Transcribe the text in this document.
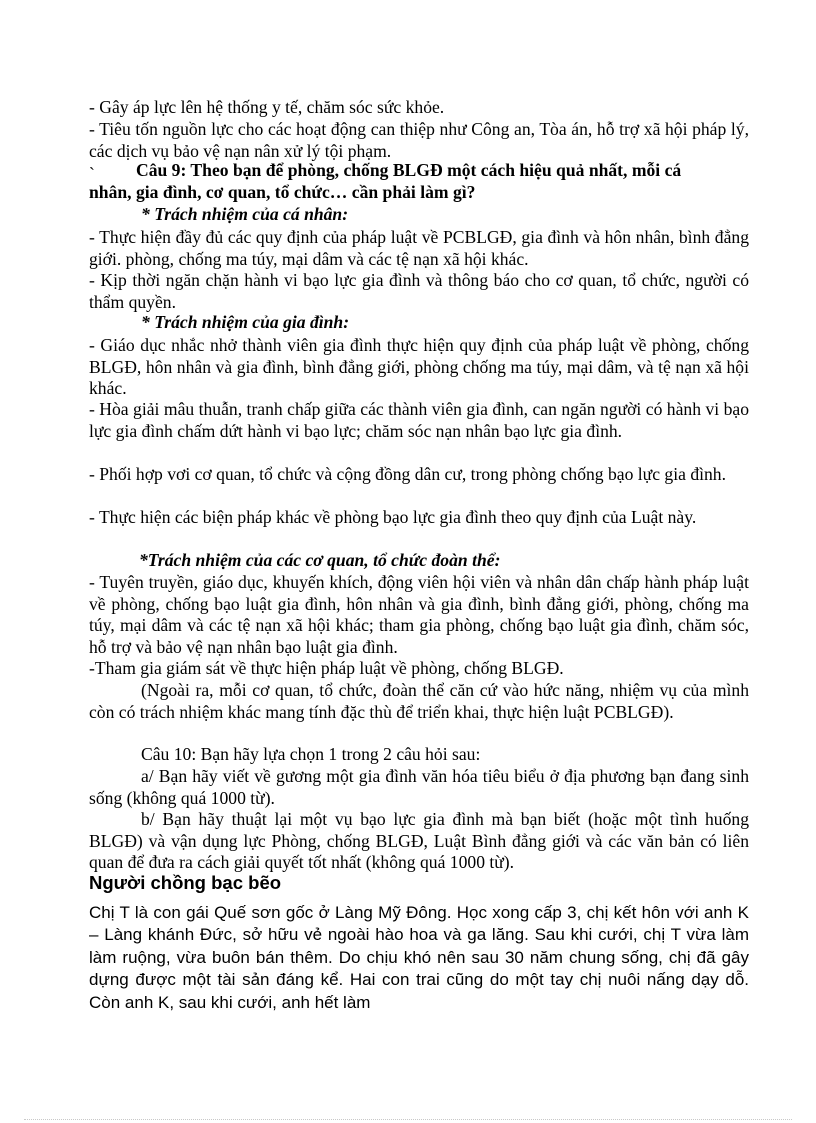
- Gây áp lực lên hệ thống y tế, chăm sóc sức khỏe.

- Tiêu tốn nguồn lực cho các hoạt động can thiệp như Công an, Tòa án, hỗ trợ xã hội pháp lý, các dịch vụ bảo vệ nạn nân xử lý tội phạm.

` Câu 9: Theo bạn để phòng, chống BLGĐ một cách hiệu quả nhất, mỗi cá

nhân, gia đình, cơ quan, tổ chức… cần phải làm gì?

* Trách nhiệm của cá nhân:

- Thực hiện đầy đủ các quy định của pháp luật về PCBLGĐ, gia đình và hôn nhân, bình đẳng giới. phòng, chống ma túy, mại dâm và các tệ nạn xã hội khác.

- Kịp thời ngăn chặn hành vi bạo lực gia đình và thông báo cho cơ quan, tổ chức, người có thẩm quyền.

* Trách nhiệm của gia đình:

- Giáo dục nhắc nhở thành viên gia đình thực hiện quy định của pháp luật về phòng, chống BLGĐ, hôn nhân và gia đình, bình đẳng giới, phòng chống ma túy, mại dâm, và tệ nạn xã hội khác.

- Hòa giải mâu thuẫn, tranh chấp giữa các thành viên gia đình, can ngăn người có hành vi bạo lực gia đình chấm dứt hành vi bạo lực; chăm sóc nạn nhân bạo lực gia đình.

- Phối hợp vơi cơ quan, tổ chức và cộng đồng dân cư, trong phòng chống bạo lực gia đình.

- Thực hiện các biện pháp khác về phòng bạo lực gia đình theo quy định của Luật này.

*Trách nhiệm của các cơ quan, tổ chức đoàn thể:

- Tuyên truyền, giáo dục, khuyến khích, động viên hội viên và nhân dân chấp hành pháp luật về phòng, chống bạo luật gia đình, hôn nhân và gia đình, bình đẳng giới, phòng, chống ma túy, mại dâm và các tệ nạn xã hội khác; tham gia phòng, chống bạo luật gia đình, chăm sóc, hỗ trợ và bảo vệ nạn nhân bạo luật gia đình.

-Tham gia giám sát về thực hiện pháp luật về phòng, chống BLGĐ.

(Ngoài ra, mỗi cơ quan, tổ chức, đoàn thể căn cứ vào hức năng, nhiệm vụ của mình còn có trách nhiệm khác mang tính đặc thù để triển khai, thực hiện luật PCBLGĐ).

Câu 10: Bạn hãy lựa chọn 1 trong 2 câu hỏi sau:

a/ Bạn hãy viết về gương một gia đình văn hóa tiêu biểu ở địa phương bạn đang sinh sống (không quá 1000 từ).

b/ Bạn hãy thuật lại một vụ bạo lực gia đình mà bạn biết (hoặc một tình huống BLGĐ) và vận dụng lực Phòng, chống BLGĐ, Luật Bình đẳng giới và các văn bản có liên quan để đưa ra cách giải quyết tốt nhất (không quá 1000 từ).

Người chồng bạc bẽo

Chị T là con gái Quế sơn gốc ở Làng Mỹ Đông. Học xong cấp 3, chị kết hôn với anh K – Làng khánh Đức, sở hữu vẻ ngoài hào hoa và ga lăng. Sau khi cưới, chị T vừa làm làm ruộng, vừa buôn bán thêm. Do chịu khó nên sau 30 năm chung sống, chị đã gây dựng được một tài sản đáng kể. Hai con trai cũng do một tay chị nuôi nấng dạy dỗ. Còn anh K, sau khi cưới, anh hết làm
